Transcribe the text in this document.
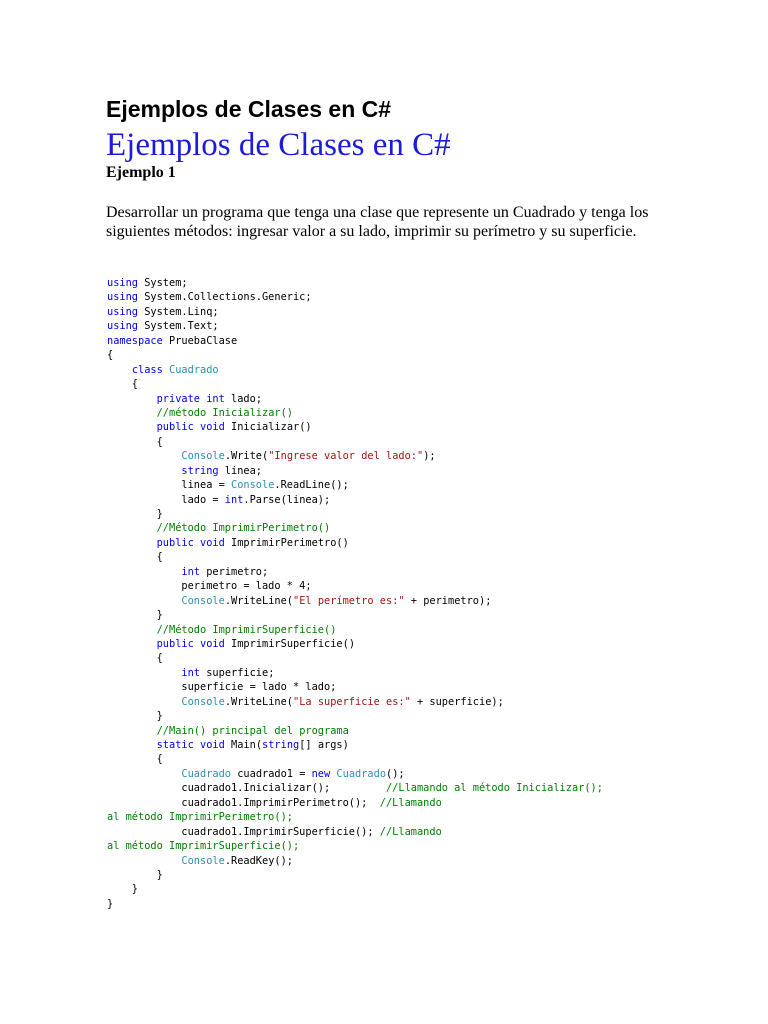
Ejemplos de Clases en C#
Ejemplos de Clases en C#
Ejemplo 1
Desarrollar un programa que tenga una clase que represente un Cuadrado y tenga los siguientes métodos: ingresar valor a su lado, imprimir su perímetro y su superficie.
using System;
using System.Collections.Generic;
using System.Linq;
using System.Text;
namespace PruebaClase
{
class Cuadrado
{
private int lado;
//método Inicializar()
public void Inicializar()
{
Console.Write("Ingrese valor del lado:");
string linea;
linea = Console.ReadLine();
lado = int.Parse(linea);
}
//Método ImprimirPerimetro()
public void ImprimirPerimetro()
{
int perimetro;
perimetro = lado * 4;
Console.WriteLine("El perímetro es:" + perimetro);
}
//Método ImprimirSuperficie()
public void ImprimirSuperficie()
{
int superficie;
superficie = lado * lado;
Console.WriteLine("La superficie es:" + superficie);
}
//Main() principal del programa
static void Main(string[] args)
{
Cuadrado cuadrado1 = new Cuadrado();
cuadrado1.Inicializar();         //Llamando al método Inicializar();
cuadrado1.ImprimirPerimetro();  //Llamando
al método ImprimirPerimetro();
cuadrado1.ImprimirSuperficie(); //Llamando
al método ImprimirSuperficie();
Console.ReadKey();
}
}
}
